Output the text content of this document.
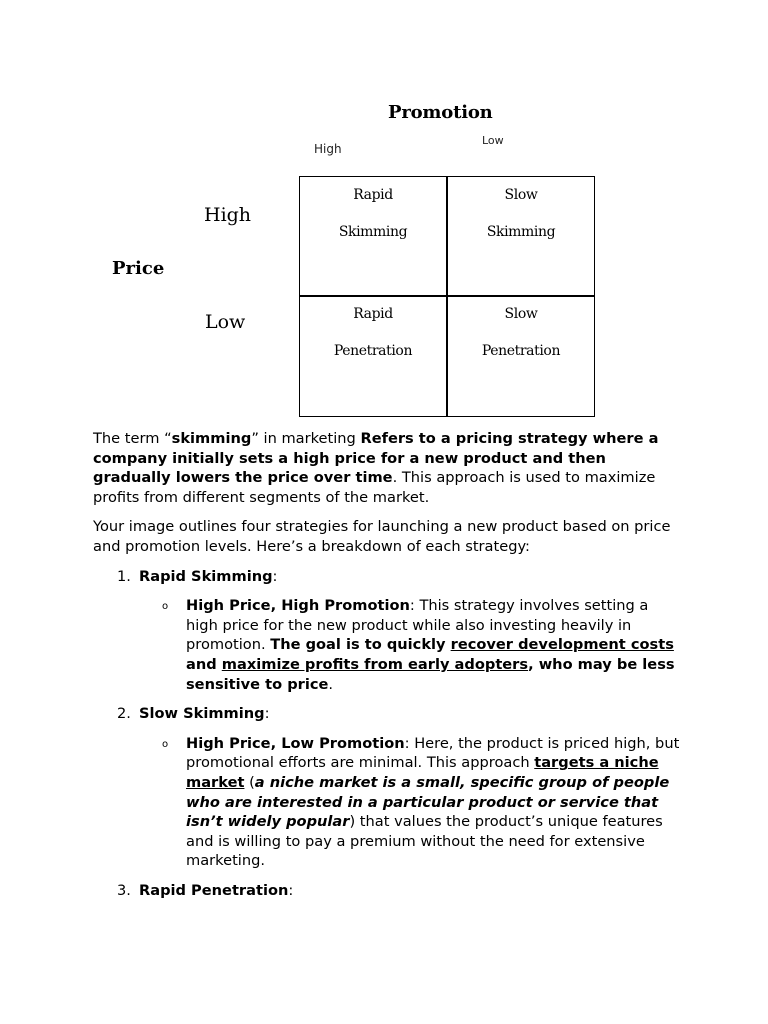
Promotion
High
Low
High
Low
Price
Rapid
Skimming
Slow
Skimming
Rapid
Penetration
Slow
Penetration

The term “skimming” in marketing Refers to a pricing strategy where a company initially sets a high price for a new product and then gradually lowers the price over time. This approach is used to maximize profits from different segments of the market.

Your image outlines four strategies for launching a new product based on price and promotion levels. Here’s a breakdown of each strategy:

1. Rapid Skimming:
o High Price, High Promotion: This strategy involves setting a high price for the new product while also investing heavily in promotion. The goal is to quickly recover development costs and maximize profits from early adopters, who may be less sensitive to price.
2. Slow Skimming:
o High Price, Low Promotion: Here, the product is priced high, but promotional efforts are minimal. This approach targets a niche market (a niche market is a small, specific group of people who are interested in a particular product or service that isn’t widely popular) that values the product’s unique features and is willing to pay a premium without the need for extensive marketing.
3. Rapid Penetration:
